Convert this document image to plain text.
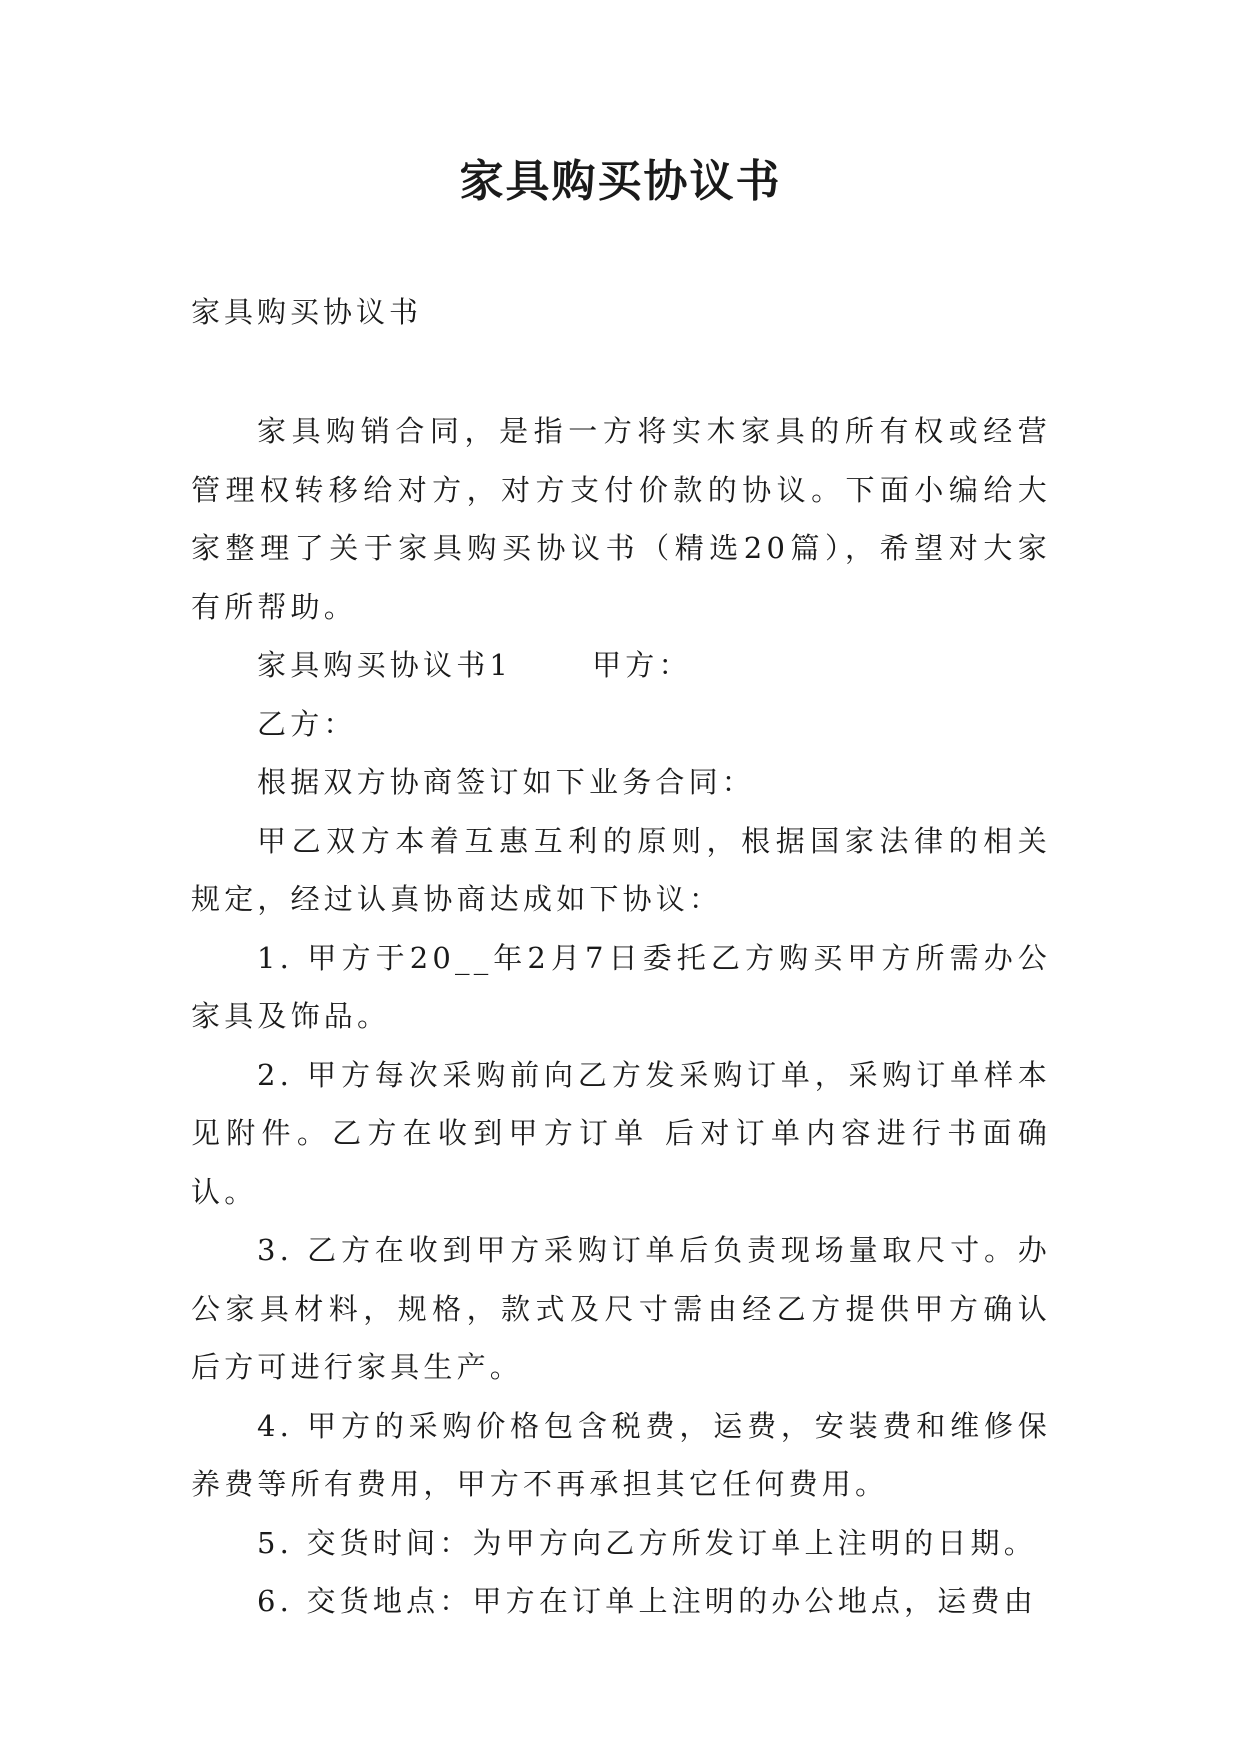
家具购买协议书

家具购买协议书

家具购销合同，是指一方将实木家具的所有权或经营管理权转移给对方，对方支付价款的协议。下面小编给大家整理了关于家具购买协议书（精选20篇），希望对大家有所帮助。

家具购买协议书1	甲方：

乙方：

根据双方协商签订如下业务合同：

甲乙双方本着互惠互利的原则，根据国家法律的相关规定，经过认真协商达成如下协议：

1. 甲方于20__年2月7日委托乙方购买甲方所需办公家具及饰品。

2. 甲方每次采购前向乙方发采购订单，采购订单样本见附件。乙方在收到甲方订单 后对订单内容进行书面确认。

3. 乙方在收到甲方采购订单后负责现场量取尺寸。办公家具材料，规格，款式及尺寸需由经乙方提供甲方确认后方可进行家具生产。

4. 甲方的采购价格包含税费，运费，安装费和维修保养费等所有费用，甲方不再承担其它任何费用。

5. 交货时间：为甲方向乙方所发订单上注明的日期。

6. 交货地点：甲方在订单上注明的办公地点，运费由
